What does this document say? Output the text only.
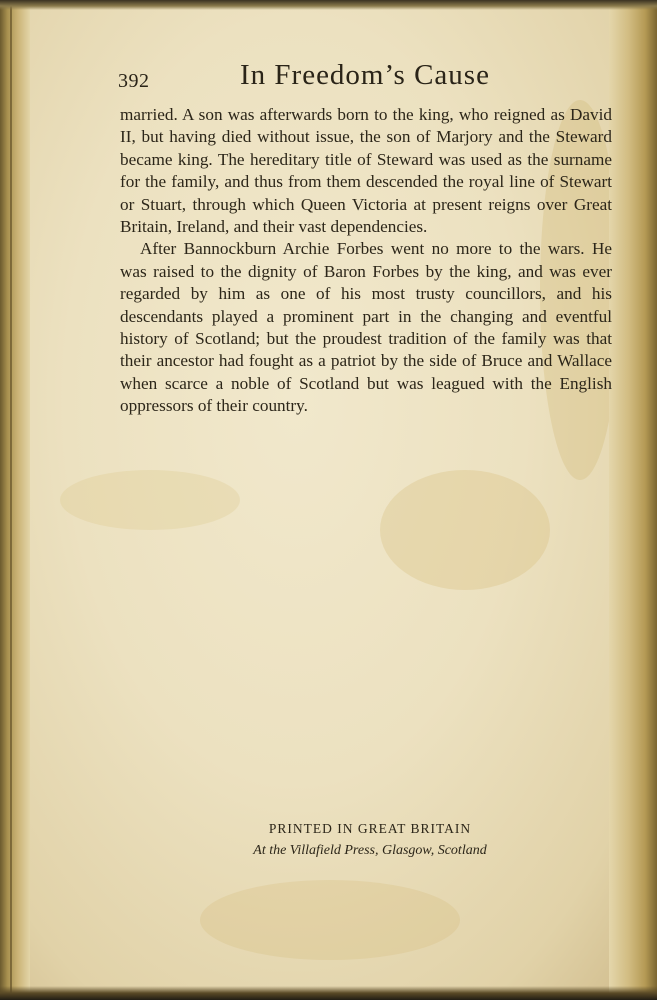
392	In Freedom’s Cause

married. A son was afterwards born to the king, who reigned as David II, but having died without issue, the son of Marjory and the Steward became king. The hereditary title of Steward was used as the surname for the family, and thus from them descended the royal line of Stewart or Stuart, through which Queen Victoria at present reigns over Great Britain, Ireland, and their vast dependencies.

After Bannockburn Archie Forbes went no more to the wars. He was raised to the dignity of Baron Forbes by the king, and was ever regarded by him as one of his most trusty councillors, and his descendants played a prominent part in the changing and eventful history of Scotland; but the proudest tradition of the family was that their ancestor had fought as a patriot by the side of Bruce and Wallace when scarce a noble of Scotland but was leagued with the English oppressors of their country.

PRINTED IN GREAT BRITAIN
At the Villafield Press, Glasgow, Scotland
